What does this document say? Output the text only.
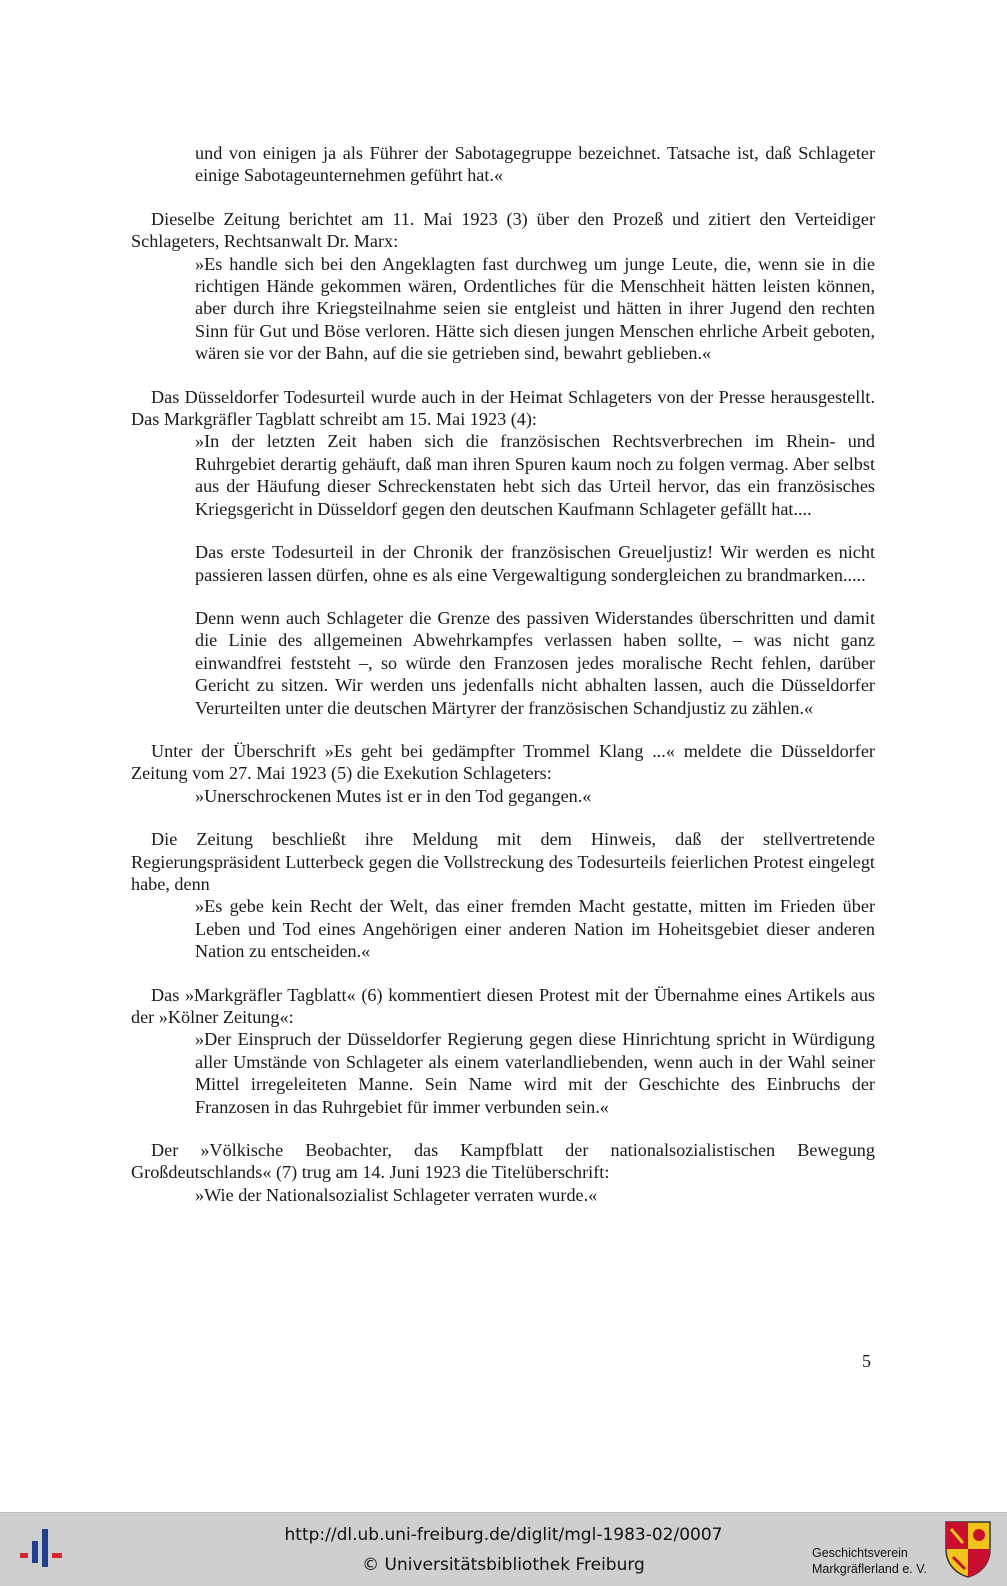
und von einigen ja als Führer der Sabotagegruppe bezeichnet. Tatsache ist, daß Schlageter einige Sabotageunternehmen geführt hat.«

Dieselbe Zeitung berichtet am 11. Mai 1923 (3) über den Prozeß und zitiert den Verteidiger Schlageters, Rechtsanwalt Dr. Marx:

»Es handle sich bei den Angeklagten fast durchweg um junge Leute, die, wenn sie in die richtigen Hände gekommen wären, Ordentliches für die Menschheit hätten leisten können, aber durch ihre Kriegsteilnahme seien sie entgleist und hätten in ihrer Jugend den rechten Sinn für Gut und Böse verloren. Hätte sich diesen jungen Menschen ehrliche Arbeit geboten, wären sie vor der Bahn, auf die sie getrieben sind, bewahrt geblieben.«

Das Düsseldorfer Todesurteil wurde auch in der Heimat Schlageters von der Presse herausgestellt. Das Markgräfler Tagblatt schreibt am 15. Mai 1923 (4):

»In der letzten Zeit haben sich die französischen Rechtsverbrechen im Rhein- und Ruhrgebiet derartig gehäuft, daß man ihren Spuren kaum noch zu folgen vermag. Aber selbst aus der Häufung dieser Schreckenstaten hebt sich das Urteil hervor, das ein französisches Kriegsgericht in Düsseldorf gegen den deutschen Kaufmann Schlageter gefällt hat....

Das erste Todesurteil in der Chronik der französischen Greueljustiz! Wir werden es nicht passieren lassen dürfen, ohne es als eine Vergewaltigung sondergleichen zu brandmarken.....

Denn wenn auch Schlageter die Grenze des passiven Widerstandes überschritten und damit die Linie des allgemeinen Abwehrkampfes verlassen haben sollte, – was nicht ganz einwandfrei feststeht –, so würde den Franzosen jedes moralische Recht fehlen, darüber Gericht zu sitzen. Wir werden uns jedenfalls nicht abhalten lassen, auch die Düsseldorfer Verurteilten unter die deutschen Märtyrer der französischen Schandjustiz zu zählen.«

Unter der Überschrift »Es geht bei gedämpfter Trommel Klang ...« meldete die Düsseldorfer Zeitung vom 27. Mai 1923 (5) die Exekution Schlageters:

»Unerschrockenen Mutes ist er in den Tod gegangen.«

Die Zeitung beschließt ihre Meldung mit dem Hinweis, daß der stellvertretende Regierungspräsident Lutterbeck gegen die Vollstreckung des Todesurteils feierlichen Protest eingelegt habe, denn

»Es gebe kein Recht der Welt, das einer fremden Macht gestatte, mitten im Frieden über Leben und Tod eines Angehörigen einer anderen Nation im Hoheitsgebiet dieser anderen Nation zu entscheiden.«

Das »Markgräfler Tagblatt« (6) kommentiert diesen Protest mit der Übernahme eines Artikels aus der »Kölner Zeitung«:

»Der Einspruch der Düsseldorfer Regierung gegen diese Hinrichtung spricht in Würdigung aller Umstände von Schlageter als einem vaterlandliebenden, wenn auch in der Wahl seiner Mittel irregeleiteten Manne. Sein Name wird mit der Geschichte des Einbruchs der Franzosen in das Ruhrgebiet für immer verbunden sein.«

Der »Völkische Beobachter, das Kampfblatt der nationalsozialistischen Bewegung Großdeutschlands« (7) trug am 14. Juni 1923 die Titelüberschrift:

»Wie der Nationalsozialist Schlageter verraten wurde.«

5
http://dl.ub.uni-freiburg.de/diglit/mgl-1983-02/0007
© Universitätsbibliothek Freiburg
Geschichtsverein
Markgräflerland e. V.
